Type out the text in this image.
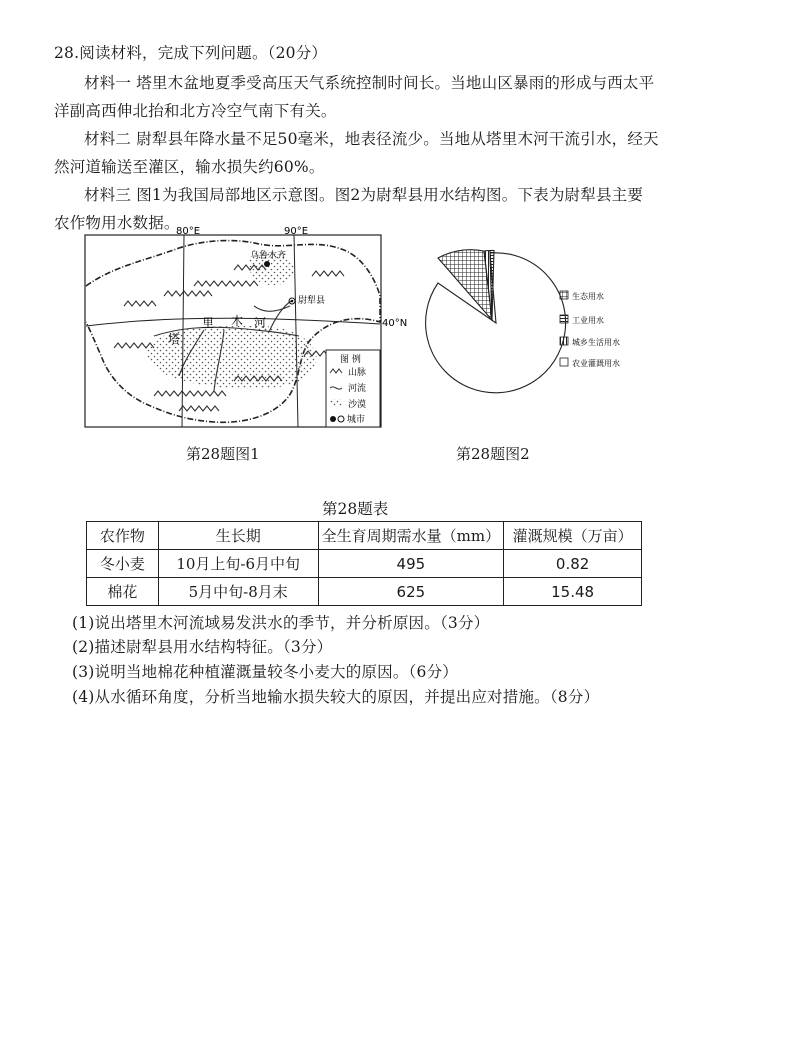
28.阅读材料，完成下列问题。（20分）
材料一 塔里木盆地夏季受高压天气系统控制时间长。当地山区暴雨的形成与西太平
洋副高西伸北抬和北方冷空气南下有关。
材料二 尉犁县年降水量不足50毫米，地表径流少。当地从塔里木河干流引水，经天
然河道输送至灌区，输水损失约60%。
材料三 图1为我国局部地区示意图。图2为尉犁县用水结构图。下表为尉犁县主要
农作物用水数据。
80°E	90°E
40°N
乌鲁木齐
尉犁县
塔
里 木 河
图 例
山脉
河流
沙漠
城市
第28题图1
生态用水
工业用水
城乡生活用水
农业灌溉用水
第28题图2
第28题表
农作物	生长期	全生育周期需水量（mm）	灌溉规模（万亩）
冬小麦	10月上旬-6月中旬	495	0.82
棉花	5月中旬-8月末	625	15.48
(1)说出塔里木河流域易发洪水的季节，并分析原因。（3分）
(2)描述尉犁县用水结构特征。（3分）
(3)说明当地棉花种植灌溉量较冬小麦大的原因。（6分）
(4)从水循环角度，分析当地输水损失较大的原因，并提出应对措施。（8分）
